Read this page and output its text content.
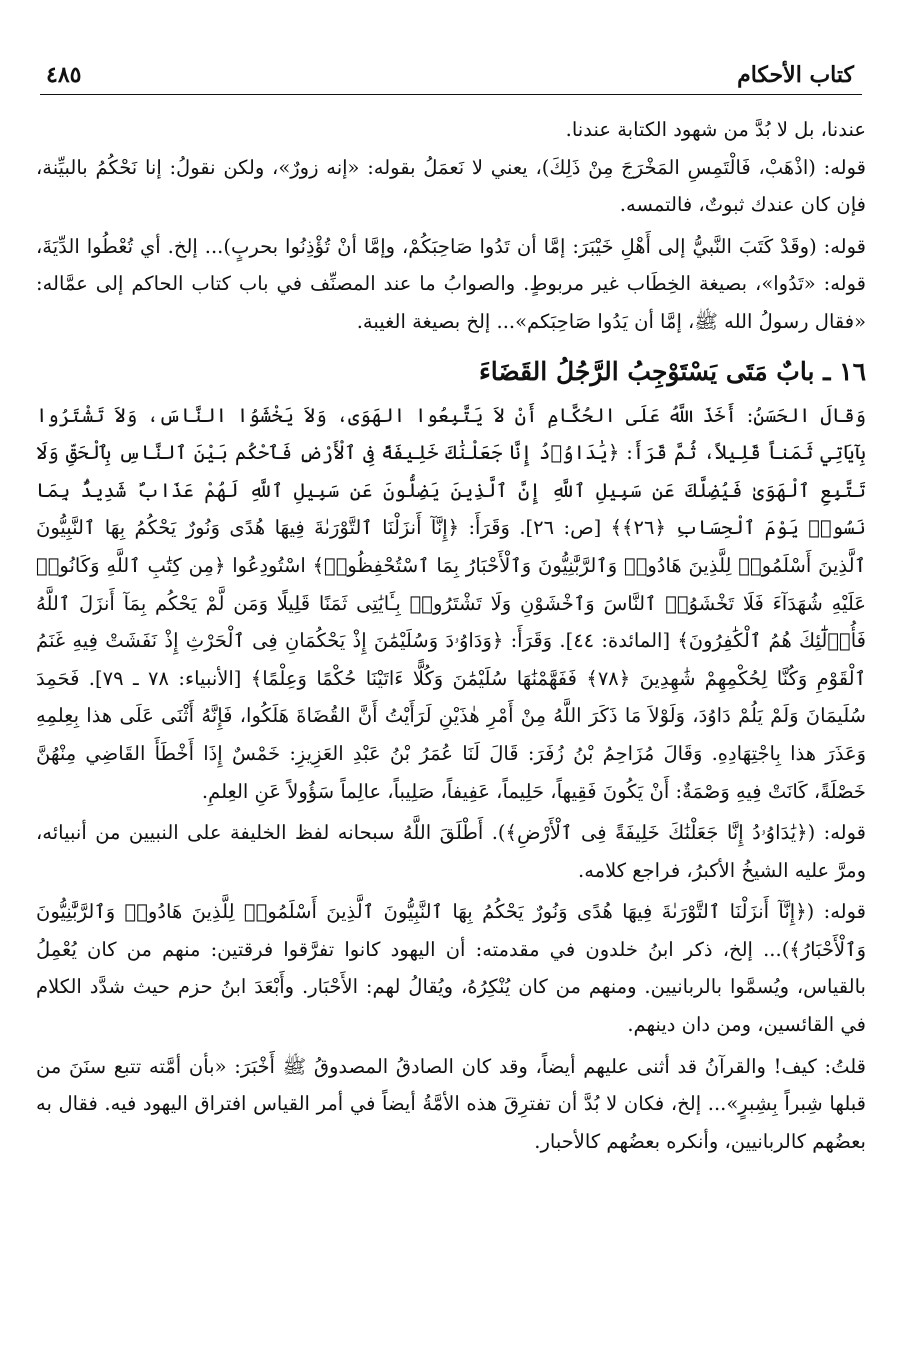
كتاب الأحكام
٤٨٥

عندنا، بل لا بُدَّ من شهود الكتابة عندنا.

قوله: (اذْهَبْ، فَالْتَمِسِ المَخْرَجَ مِنْ ذَلِكَ)، يعني لا نَعمَلُ بقوله: «إنه زورٌ»، ولكن نقولُ: إنا نَحْكُمُ بالبيِّنة، فإن كان عندك ثبوتٌ، فالتمسه.

قوله: (وقَدْ كَتَبَ النَّبيُّ إلى أَهْلِ خَيْبَرَ: إمَّا أن تَدُوا صَاحِبَكُمْ، وإمَّا أنْ تُؤْذِنُوا بحربٍ)... إلخ. أي تُعْطُوا الدِّيَةَ، قوله: «تَدُوا»، بصيغة الخِطَاب غير مربوطٍ. والصوابُ ما عند المصنِّف في باب كتاب الحاكم إلى عمَّاله: «فقال رسولُ الله ﷺ، إمَّا أن يَدُوا صَاحِبَكم»... إلخ بصيغة الغيبة.

١٦ ـ بابٌ مَتَى يَسْتَوْجِبُ الرَّجُلُ القَضَاءَ

وَقالَ الحَسَنُ: أَخَذَ اللَّهُ عَلَى الحُكَّامِ أَنْ لاَ يَتَّبِعُوا الهَوَى، وَلاَ يَخْشَوُا النَّاسَ، وَلاَ تَشْتَرُوا بِآيَاتِي ثَمَناً قَلِيلاً، ثُمَّ قَرَأَ: ﴿يَٰدَاوُۥدُ إِنَّا جَعَلْنَٰكَ خَلِيفَةً فِى ٱلْأَرْضِ فَٱحْكُم بَيْنَ ٱلنَّاسِ بِٱلْحَقِّ وَلَا تَتَّبِعِ ٱلْهَوَىٰ فَيُضِلَّكَ عَن سَبِيلِ ٱللَّهِ إِنَّ ٱلَّذِينَ يَضِلُّونَ عَن سَبِيلِ ٱللَّهِ لَهُمْ عَذَابٌ شَدِيدٌۢ بِمَا نَسُوا۟ يَوْمَ ٱلْحِسَابِ ﴿٢٦﴾﴾ [ص: ٢٦]. وَقَرَأَ: ﴿إِنَّآ أَنزَلْنَا ٱلتَّوْرَىٰةَ فِيهَا هُدًى وَنُورٌ يَحْكُمُ بِهَا ٱلنَّبِيُّونَ ٱلَّذِينَ أَسْلَمُوا۟ لِلَّذِينَ هَادُوا۟ وَٱلرَّبَّٰنِيُّونَ وَٱلْأَحْبَارُ بِمَا ٱسْتُحْفِظُوا۟﴾ اسْتُودِعُوا ﴿مِن كِتَٰبِ ٱللَّهِ وَكَانُوا۟ عَلَيْهِ شُهَدَآءَ فَلَا تَخْشَوُا۟ ٱلنَّاسَ وَٱخْشَوْنِ وَلَا تَشْتَرُوا۟ بِـَٔايَٰتِى ثَمَنًا قَلِيلًا وَمَن لَّمْ يَحْكُم بِمَآ أَنزَلَ ٱللَّهُ فَأُو۟لَٰٓئِكَ هُمُ ٱلْكَٰفِرُونَ﴾ [المائدة: ٤٤]. وَقَرَأَ: ﴿وَدَاوُۥدَ وَسُلَيْمَٰنَ إِذْ يَحْكُمَانِ فِى ٱلْحَرْثِ إِذْ نَفَشَتْ فِيهِ غَنَمُ ٱلْقَوْمِ وَكُنَّا لِحُكْمِهِمْ شَٰهِدِينَ ﴿٧٨﴾ فَفَهَّمْنَٰهَا سُلَيْمَٰنَ وَكُلًّا ءَاتَيْنَا حُكْمًا وَعِلْمًا﴾ [الأنبياء: ٧٨ ـ ٧٩]. فَحَمِدَ سُلَيمَانَ وَلَمْ يَلُمْ دَاوُدَ، وَلَوْلاَ مَا ذَكَرَ اللَّهُ مِنْ أَمْرِ هٰذَيْنِ لَرَأَيْتُ أَنَّ القُضَاةَ هَلَكُوا، فَإِنَّهُ أَثْنَى عَلَى هذا بِعِلمِهِ وَعَذَرَ هذا بِاجْتِهَادِهِ. وَقَالَ مُزَاحِمُ بْنُ زُفَرَ: قَالَ لَنَا عُمَرُ بْنُ عَبْدِ العَزِيزِ: خَمْسٌ إِذَا أَخْطَأَ القَاضِي مِنْهُنَّ خَصْلَةً، كَانَتْ فِيهِ وَصْمَةٌ: أَنْ يَكُونَ فَقِيهاً، حَلِيماً، عَفِيفاً، صَلِيباً، عالِماً سَؤُولاً عَنِ العِلمِ.

قوله: (﴿يَٰدَاوُۥدُ إِنَّا جَعَلْنَٰكَ خَلِيفَةً فِى ٱلْأَرْضِ﴾). أَطْلَقَ اللَّهُ سبحانه لفظ الخليفة على النبيين من أنبيائه، ومرَّ عليه الشيخُ الأكبرُ، فراجع كلامه.

قوله: (﴿إِنَّآ أَنزَلْنَا ٱلتَّوْرَىٰةَ فِيهَا هُدًى وَنُورٌ يَحْكُمُ بِهَا ٱلنَّبِيُّونَ ٱلَّذِينَ أَسْلَمُوا۟ لِلَّذِينَ هَادُوا۟ وَٱلرَّبَّٰنِيُّونَ وَٱلْأَحْبَارُ﴾)... إلخ، ذكر ابنُ خلدون في مقدمته: أن اليهود كانوا تفرَّقوا فرقتين: منهم من كان يُعْمِلُ بالقياس، ويُسمَّوا بالربانيين. ومنهم من كان يُنْكِرُهُ، ويُقالُ لهم: الأَحْبَار. وأَبْعَدَ ابنُ حزم حيث شدَّد الكلام في القائسين، ومن دان دينهم.

قلتُ: كيف! والقرآنُ قد أثنى عليهم أيضاً، وقد كان الصادقُ المصدوقُ ﷺ أَخْبَرَ: «بأن أمَّته تتبع سنَنَ من قبلها شِبراً بِشِبرٍ»... إلخ، فكان لا بُدَّ أن تفترِقَ هذه الأمَّةُ أيضاً في أمر القياس افتراق اليهود فيه. فقال به بعضُهم كالربانيين، وأنكره بعضُهم كالأحبار.
